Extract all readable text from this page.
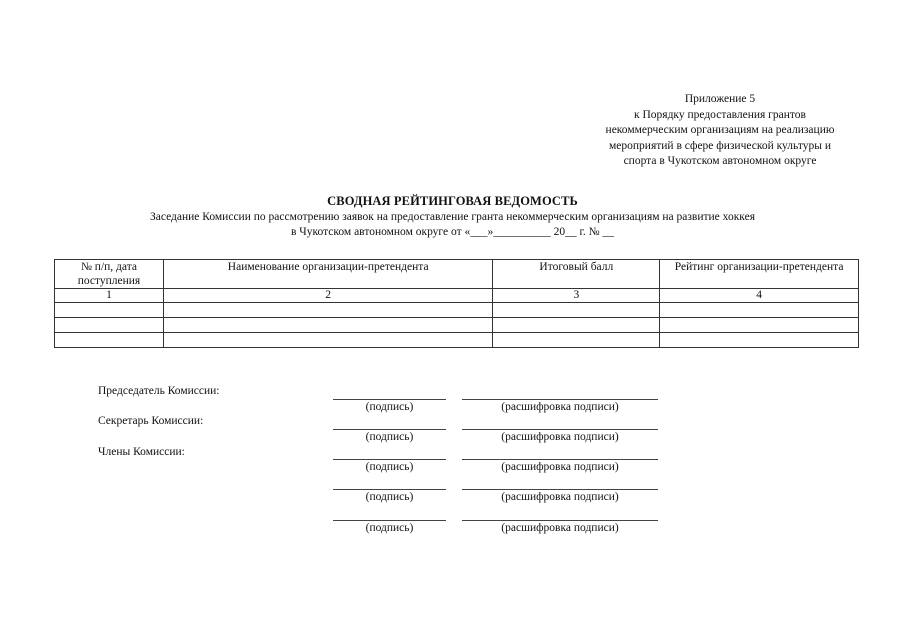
Приложение 5
к Порядку предоставления грантов
некоммерческим организациям на реализацию
мероприятий в сфере физической культуры и
спорта в Чукотском автономном округе
СВОДНАЯ РЕЙТИНГОВАЯ ВЕДОМОСТЬ
Заседание Комиссии по рассмотрению заявок на предоставление гранта некоммерческим организациям на развитие хоккея
в Чукотском автономном округе от «___»__________ 20__ г. № __
№ п/п, дата поступления	Наименование организации-претендента	Итоговый балл	Рейтинг организации-претендента
1	2	3	4

Председатель Комиссии:
Секретарь Комиссии:
Члены Комиссии:
(подпись)	(расшифровка подписи)
(подпись)	(расшифровка подписи)
(подпись)	(расшифровка подписи)
(подпись)	(расшифровка подписи)
(подпись)	(расшифровка подписи)
